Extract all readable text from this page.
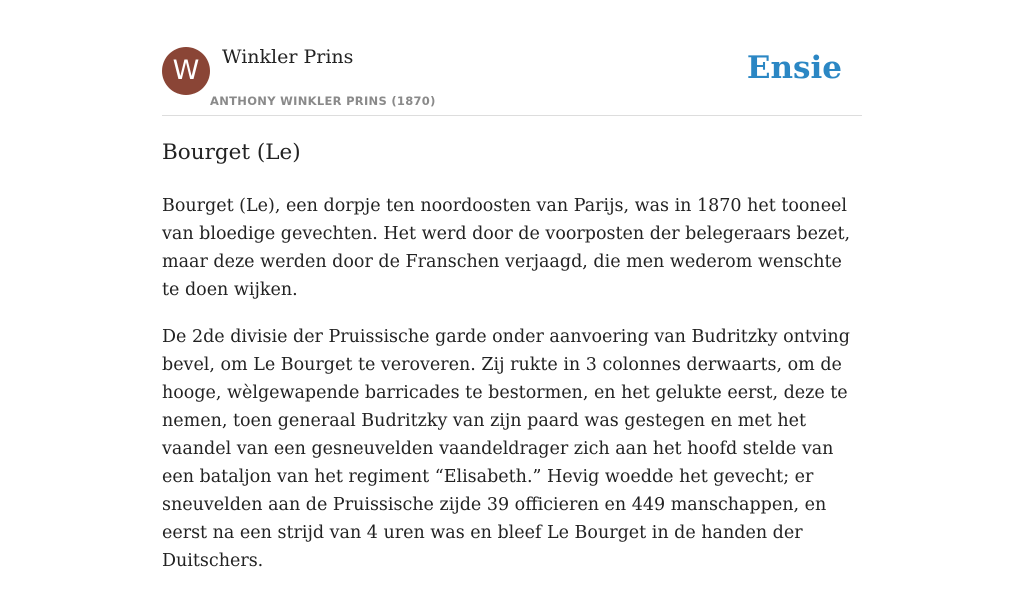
W	Winkler Prins
ANTHONY WINKLER PRINS (1870)
Ensie
Bourget (Le)

Bourget (Le), een dorpje ten noordoosten van Parijs, was in 1870 het tooneel van bloedige gevechten. Het werd door de voorposten der belegeraars bezet, maar deze werden door de Franschen verjaagd, die men wederom wenschte te doen wijken.

De 2de divisie der Pruissische garde onder aanvoering van Budritzky ontving bevel, om Le Bourget te veroveren. Zij rukte in 3 colonnes derwaarts, om de hooge, wèlgewapende barricades te bestormen, en het gelukte eerst, deze te nemen, toen generaal Budritzky van zijn paard was gestegen en met het vaandel van een gesneuvelden vaandeldrager zich aan het hoofd stelde van een bataljon van het regiment “Elisabeth.” Hevig woedde het gevecht; er sneuvelden aan de Pruissische zijde 39 officieren en 449 manschappen, en eerst na een strijd van 4 uren was en bleef Le Bourget in de handen der Duitschers.
